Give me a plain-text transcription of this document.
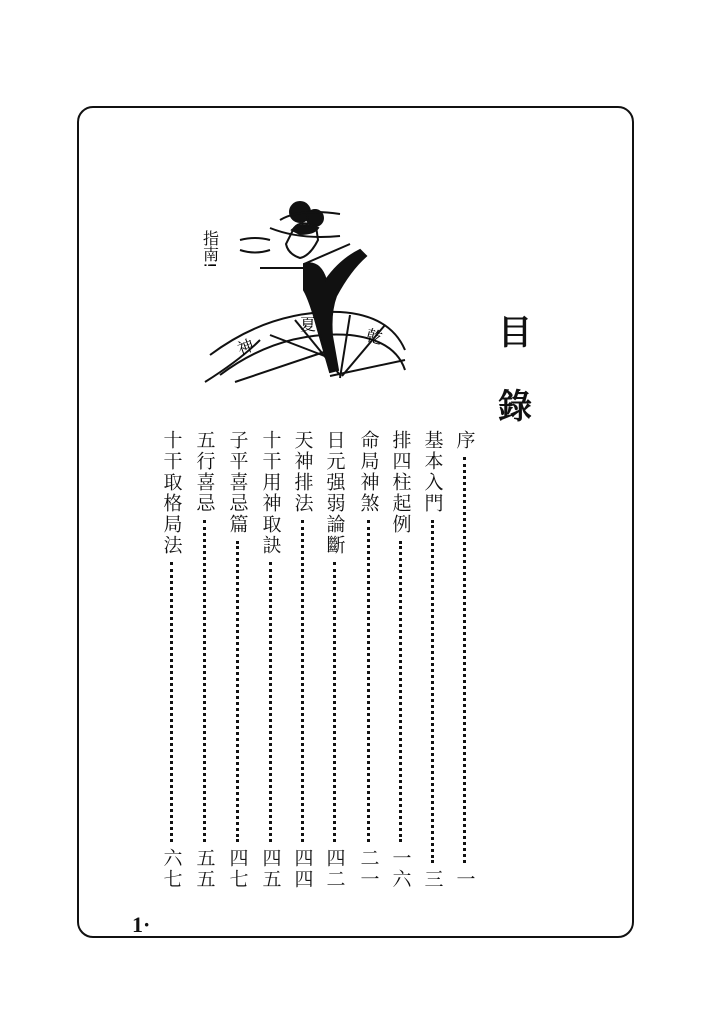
神
夏
乾
指南!
目
錄
序
一
基本入門
三
排四柱起例
一六
命局神煞
二一
日元强弱論斷
四二
天神排法
四四
十干用神取訣
四五
子平喜忌篇
四七
五行喜忌
五五
十干取格局法
六七
1·
